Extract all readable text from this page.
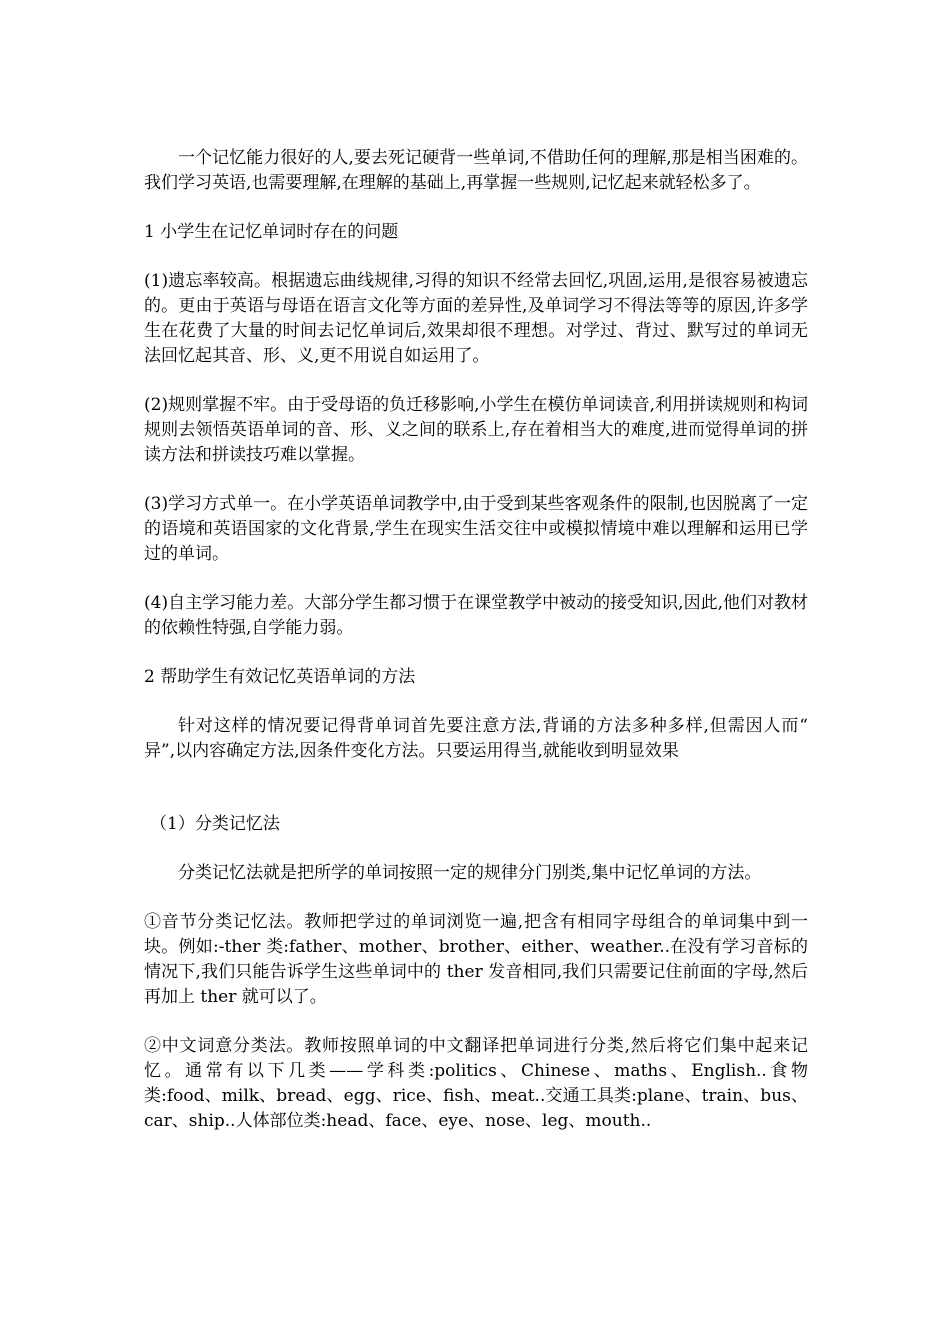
一个记忆能力很好的人,要去死记硬背一些单词,不借助任何的理解,那是相当困难的。我们学习英语,也需要理解,在理解的基础上,再掌握一些规则,记忆起来就轻松多了。

1 小学生在记忆单词时存在的问题

(1)遗忘率较高。根据遗忘曲线规律,习得的知识不经常去回忆,巩固,运用,是很容易被遗忘的。更由于英语与母语在语言文化等方面的差异性,及单词学习不得法等等的原因,许多学生在花费了大量的时间去记忆单词后,效果却很不理想。对学过、背过、默写过的单词无法回忆起其音、形、义,更不用说自如运用了。

(2)规则掌握不牢。由于受母语的负迁移影响,小学生在模仿单词读音,利用拼读规则和构词规则去领悟英语单词的音、形、义之间的联系上,存在着相当大的难度,进而觉得单词的拼读方法和拼读技巧难以掌握。

(3)学习方式单一。在小学英语单词教学中,由于受到某些客观条件的限制,也因脱离了一定的语境和英语国家的文化背景,学生在现实生活交往中或模拟情境中难以理解和运用已学过的单词。

(4)自主学习能力差。大部分学生都习惯于在课堂教学中被动的接受知识,因此,他们对教材的依赖性特强,自学能力弱。

2 帮助学生有效记忆英语单词的方法

针对这样的情况要记得背单词首先要注意方法,背诵的方法多种多样,但需因人而“ 异”,以内容确定方法,因条件变化方法。只要运用得当,就能收到明显效果

（1）分类记忆法

分类记忆法就是把所学的单词按照一定的规律分门别类,集中记忆单词的方法。

①音节分类记忆法。教师把学过的单词浏览一遍,把含有相同字母组合的单词集中到一块。例如:-ther 类:father、mother、brother、either、weather..在没有学习音标的情况下,我们只能告诉学生这些单词中的 ther 发音相同,我们只需要记住前面的字母,然后再加上 ther 就可以了。

②中文词意分类法。教师按照单词的中文翻译把单词进行分类,然后将它们集中起来记忆。通常有以下几类——学科类:politics、Chinese、maths、English..食物类:food、milk、bread、egg、rice、fish、meat..交通工具类:plane、train、bus、car、ship..人体部位类:head、face、eye、nose、leg、mouth..
